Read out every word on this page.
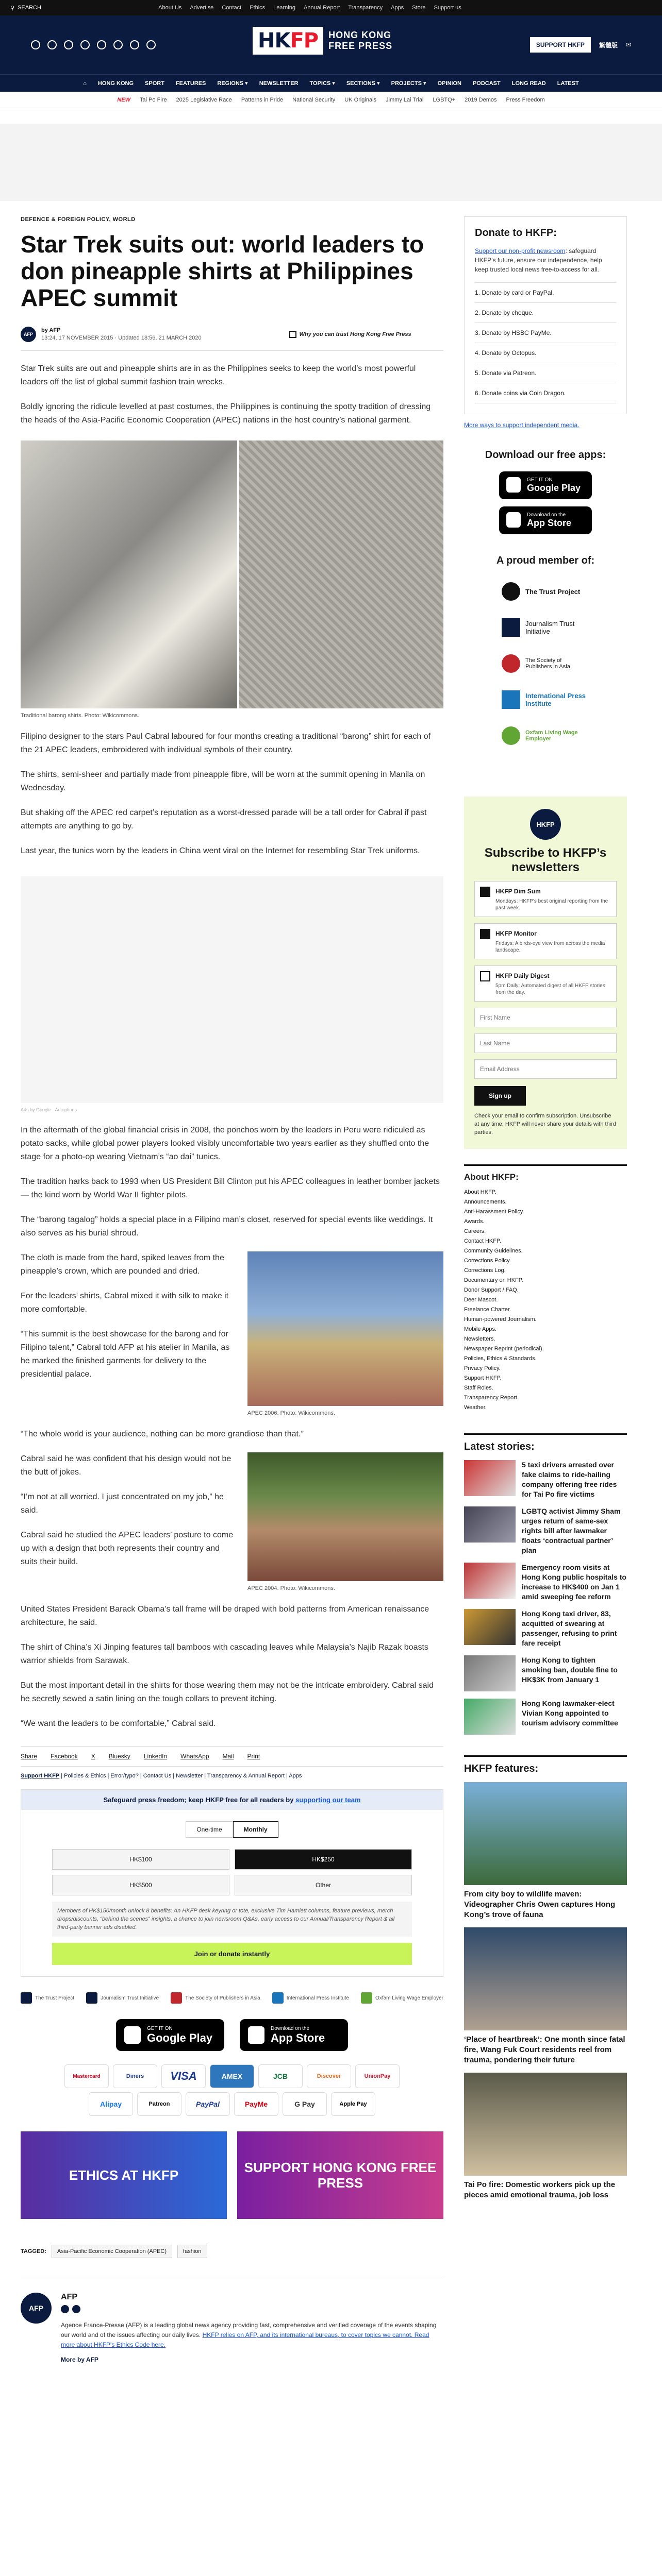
⚲ SEARCH	About Us Advertise Contact Ethics Learning Annual Report Transparency Apps Store Support us
HKFP	HONG KONG
FREE PRESS	SUPPORT HKFP	繁體版 ✉
⌂ HONG KONG SPORT FEATURES REGIONS ▾ NEWSLETTER TOPICS ▾ SECTIONS ▾ PROJECTS ▾ OPINION PODCAST LONG READ LATEST
NEW Tai Po Fire 2025 Legislative Race Patterns in Pride National Security UK Originals Jimmy Lai Trial LGBTQ+ 2019 Demos Press Freedom
DEFENCE & FOREIGN POLICY, WORLD
Star Trek suits out: world leaders to don pineapple shirts at Philippines APEC summit
AFP
by AFP
13:24, 17 NOVEMBER 2015 · Updated 18:56, 21 MARCH 2020
Why you can trust Hong Kong Free Press

Star Trek suits are out and pineapple shirts are in as the Philippines seeks to keep the world’s most powerful leaders off the list of global summit fashion train wrecks.

Boldly ignoring the ridicule levelled at past costumes, the Philippines is continuing the spotty tradition of dressing the heads of the Asia-Pacific Economic Cooperation (APEC) nations in the host country’s national garment.

Traditional barong shirts. Photo: Wikicommons.

Filipino designer to the stars Paul Cabral laboured for four months creating a traditional “barong” shirt for each of the 21 APEC leaders, embroidered with individual symbols of their country.

The shirts, semi-sheer and partially made from pineapple fibre, will be worn at the summit opening in Manila on Wednesday.

But shaking off the APEC red carpet’s reputation as a worst-dressed parade will be a tall order for Cabral if past attempts are anything to go by.

Last year, the tunics worn by the leaders in China went viral on the Internet for resembling Star Trek uniforms.

Ads by Google · Ad options

In the aftermath of the global financial crisis in 2008, the ponchos worn by the leaders in Peru were ridiculed as potato sacks, while global power players looked visibly uncomfortable two years earlier as they shuffled onto the stage for a photo-op wearing Vietnam’s “ao dai” tunics.

The tradition harks back to 1993 when US President Bill Clinton put his APEC colleagues in leather bomber jackets — the kind worn by World War II fighter pilots.

The “barong tagalog” holds a special place in a Filipino man’s closet, reserved for special events like weddings. It also serves as his burial shroud.

The cloth is made from the hard, spiked leaves from the pineapple’s crown, which are pounded and dried.

For the leaders’ shirts, Cabral mixed it with silk to make it more comfortable.

“This summit is the best showcase for the barong and for Filipino talent,” Cabral told AFP at his atelier in Manila, as he marked the finished garments for delivery to the presidential palace.

APEC 2006. Photo: Wikicommons.

“The whole world is your audience, nothing can be more grandiose than that.”

Cabral said he was confident that his design would not be the butt of jokes.

“I’m not at all worried. I just concentrated on my job,” he said.

Cabral said he studied the APEC leaders’ posture to come up with a design that both represents their country and suits their build.

APEC 2004. Photo: Wikicommons.

United States President Barack Obama’s tall frame will be draped with bold patterns from American renaissance architecture, he said.

The shirt of China’s Xi Jinping features tall bamboos with cascading leaves while Malaysia’s Najib Razak boasts warrior shields from Sarawak.

But the most important detail in the shirts for those wearing them may not be the intricate embroidery. Cabral said he secretly sewed a satin lining on the tough collars to prevent itching.

“We want the leaders to be comfortable,” Cabral said.

Share Facebook X Bluesky LinkedIn WhatsApp Mail Print
Support HKFP | Policies & Ethics | Error/typo? | Contact Us | Newsletter | Transparency & Annual Report | Apps
Safeguard press freedom; keep HKFP free for all readers by supporting our team
One-time	Monthly
HK$100	HK$250
HK$500	Other
Members of HK$150/month unlock 8 benefits: An HKFP desk keyring or tote, exclusive Tim Hamlett columns, feature previews, merch drops/discounts, “behind the scenes” insights, a chance to join newsroom Q&As, early access to our Annual/Transparency Report & all third-party banner ads disabled.
Join or donate instantly
The Trust Project	Journalism Trust Initiative	The Society of Publishers in Asia	International Press Institute	Oxfam Living Wage Employer
GET IT ON
Google Play
Download on the
App Store
Mastercard	Diners	VISA	AMEX	JCB	Discover	UnionPay
Alipay	Patreon	PayPal	PayMe	G Pay	Apple Pay
ETHICS AT HKFP	SUPPORT HONG KONG FREE PRESS
TAGGED:	Asia-Pacific Economic Cooperation (APEC)	fashion
AFP
AFP

Agence France-Presse (AFP) is a leading global news agency providing fast, comprehensive and verified coverage of the events shaping our world and of the issues affecting our daily lives. HKFP relies on AFP, and its international bureaus, to cover topics we cannot. Read more about HKFP's Ethics Code here.

More by AFP
Donate to HKFP:
Support our non-profit newsroom: safeguard HKFP’s future, ensure our independence, help keep trusted local news free-to-access for all.
1. Donate by card or PayPal.
2. Donate by cheque.
3. Donate by HSBC PayMe.
4. Donate by Octopus.
5. Donate via Patreon.
6. Donate coins via Coin Dragon.
More ways to support independent media.
Download our free apps:
GET IT ON
Google Play
Download on the
App Store
A proud member of:
The Trust Project
Journalism Trust Initiative
The Society of Publishers in Asia
International Press Institute
Oxfam Living Wage Employer
HKFP
Subscribe to HKFP’s newsletters
HKFP Dim Sum
Mondays: HKFP’s best original reporting from the past week.
HKFP Monitor
Fridays: A birds-eye view from across the media landscape.
HKFP Daily Digest
5pm Daily: Automated digest of all HKFP stories from the day.
First Name Last Name Email Address
Sign up
Check your email to confirm subscription. Unsubscribe at any time. HKFP will never share your details with third parties.
About HKFP:
About HKFP.
Announcements.
Anti-Harassment Policy.
Awards.
Careers.
Contact HKFP.
Community Guidelines.
Corrections Policy.
Corrections Log.
Documentary on HKFP.
Donor Support / FAQ.
Deer Mascot.
Freelance Charter.
Human-powered Journalism.
Mobile Apps.
Newsletters.
Newspaper Reprint (periodical).
Policies, Ethics & Standards.
Privacy Policy.
Support HKFP.
Staff Roles.
Transparency Report.
Weather.
Latest stories:
5 taxi drivers arrested over fake claims to ride-hailing company offering free rides for Tai Po fire victims
LGBTQ activist Jimmy Sham urges return of same-sex rights bill after lawmaker floats ‘contractual partner’ plan
Emergency room visits at Hong Kong public hospitals to increase to HK$400 on Jan 1 amid sweeping fee reform
Hong Kong taxi driver, 83, acquitted of swearing at passenger, refusing to print fare receipt
Hong Kong to tighten smoking ban, double fine to HK$3K from January 1
Hong Kong lawmaker-elect Vivian Kong appointed to tourism advisory committee
HKFP features:
From city boy to wildlife maven: Videographer Chris Owen captures Hong Kong’s trove of fauna
‘Place of heartbreak’: One month since fatal fire, Wang Fuk Court residents reel from trauma, pondering their future
Tai Po fire: Domestic workers pick up the pieces amid emotional trauma, job loss
